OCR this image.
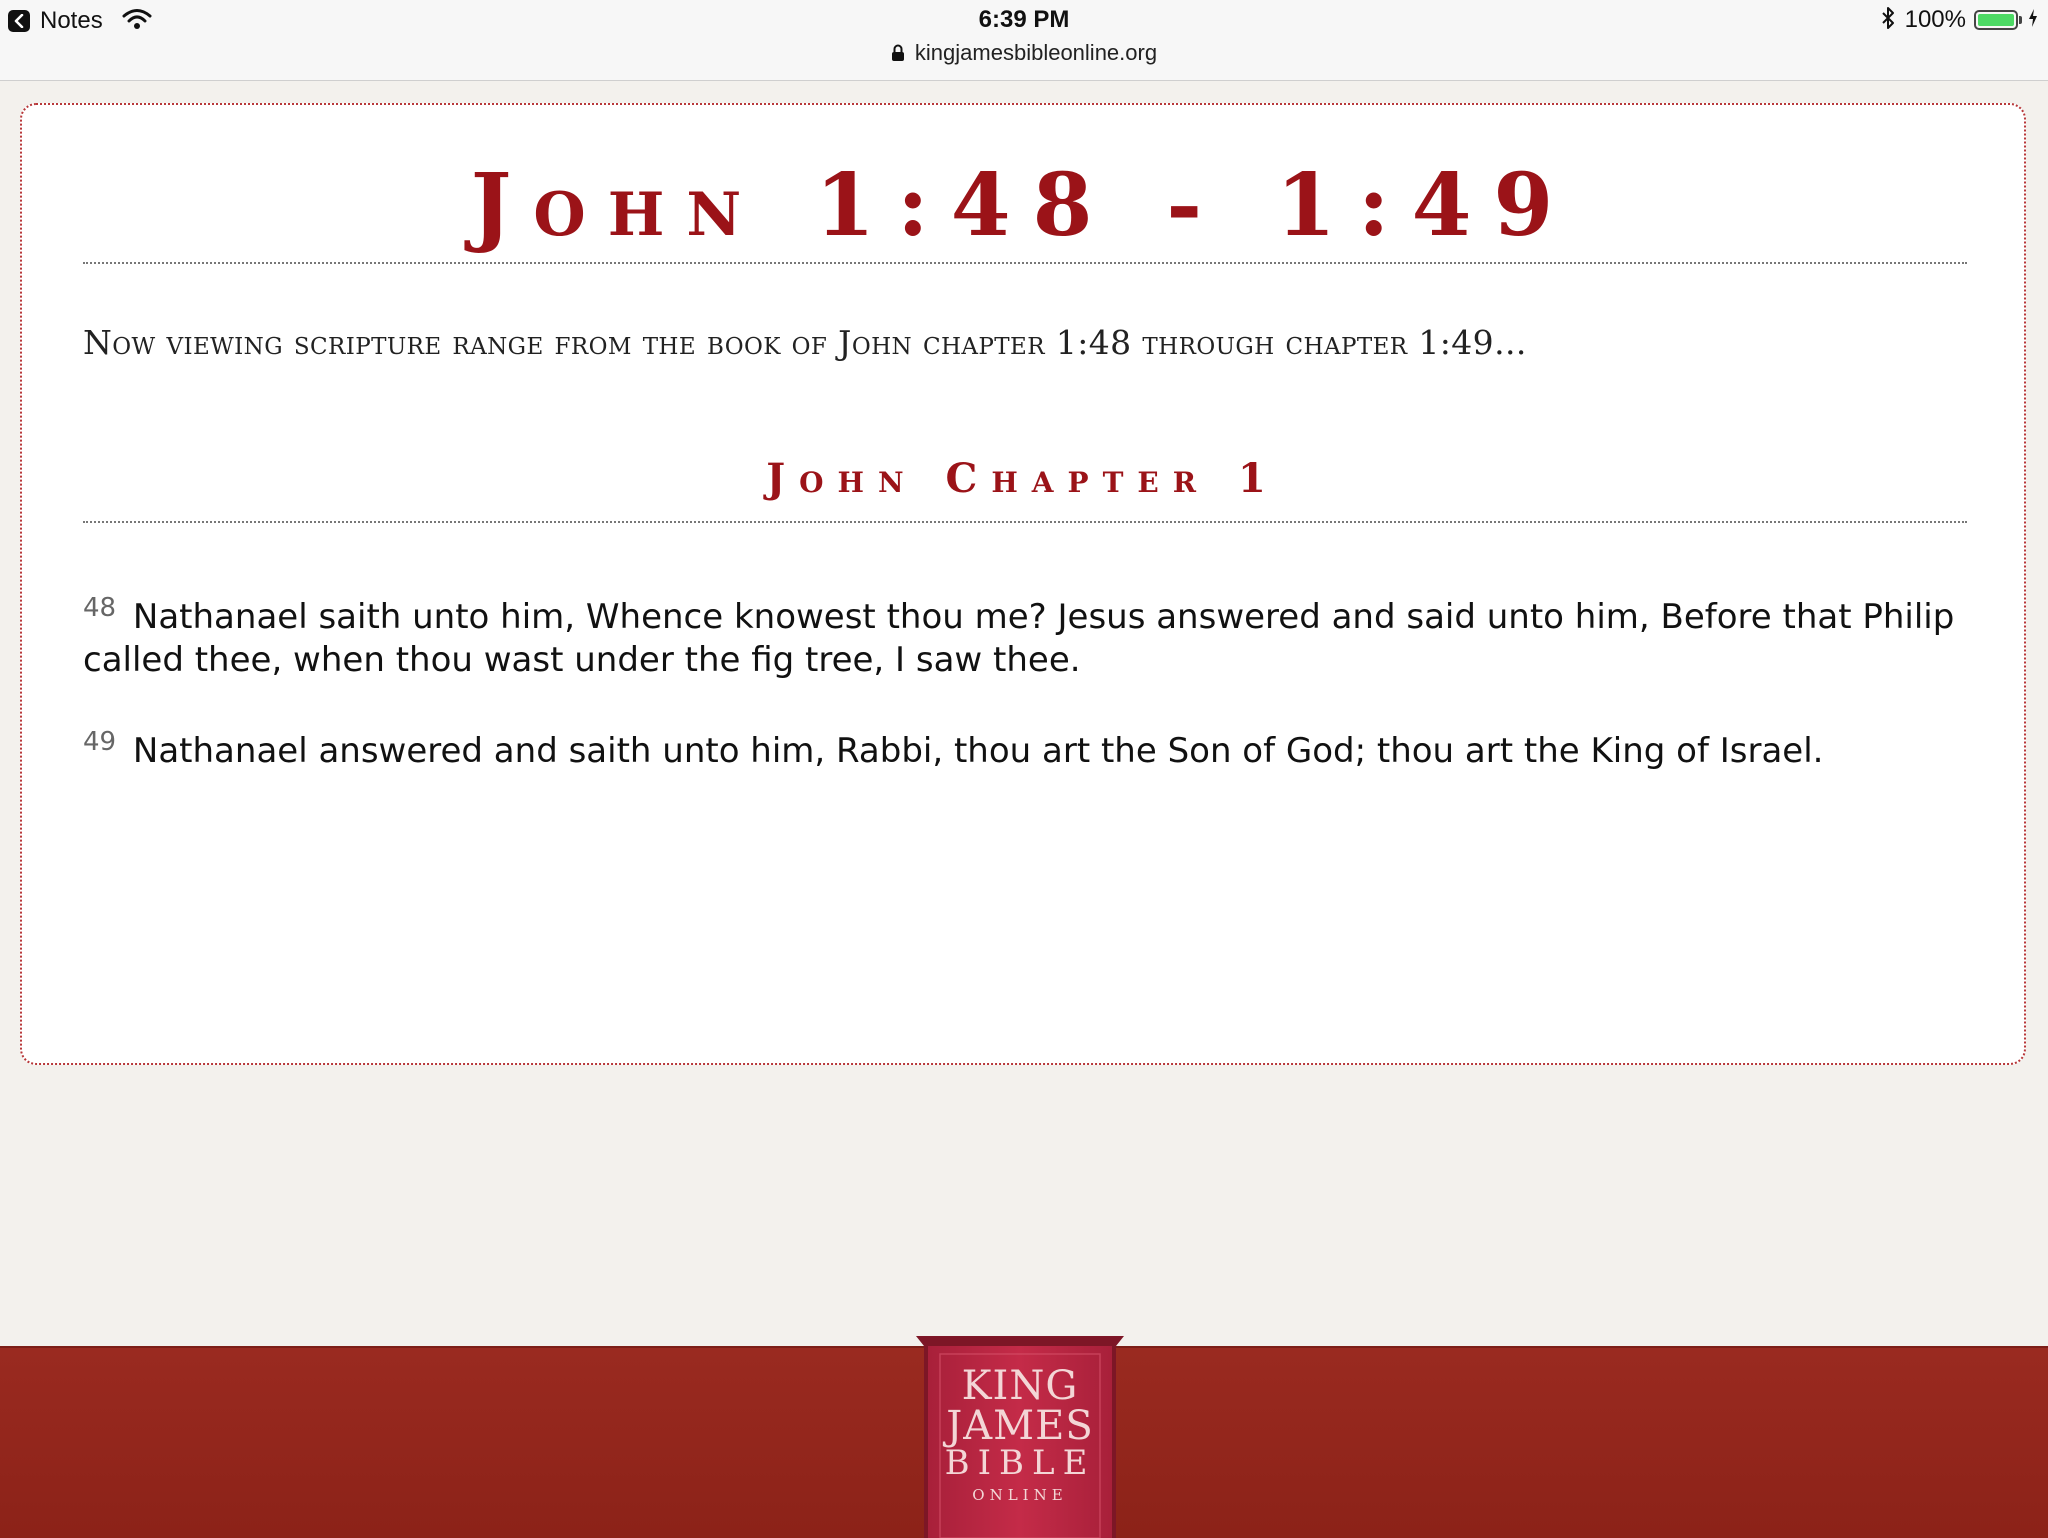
Notes	6:39 PM
kingjamesbibleonline.org
100%
John 1:48 - 1:49

Now viewing scripture range from the book of John chapter 1:48 through chapter 1:49...

John Chapter 1

$^{48}$ Nathanael saith unto him, Whence knowest thou me? Jesus answered and said unto him, Before that Philip called thee, when thou wast under the fig tree, I saw thee.

$^{49}$ Nathanael answered and saith unto him, Rabbi, thou art the Son of God; thou art the King of Israel.

KING
JAMES
BIBLE
ONLINE
